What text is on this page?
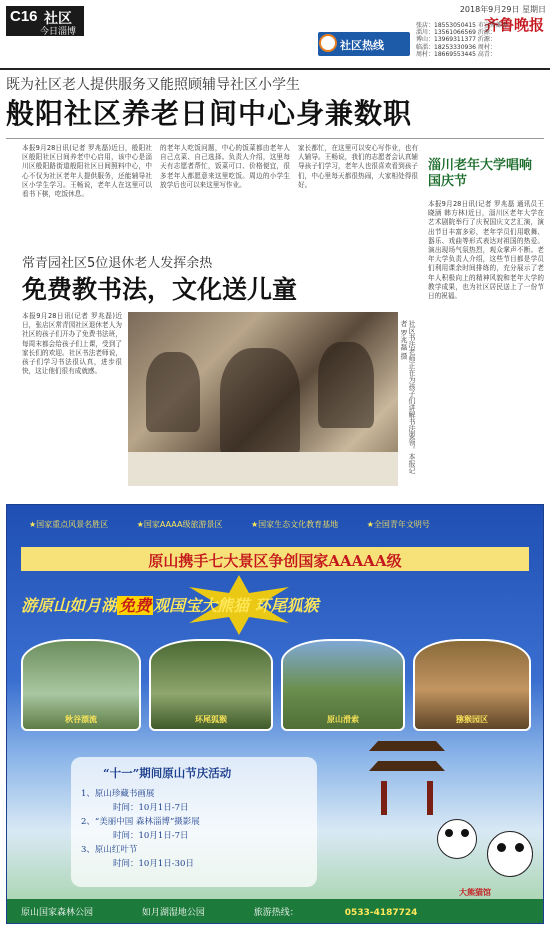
C16 社区
今日淄博
2018年9月29日 星期日
齐鲁晚报
社区热线
张店：18553050415 市宣传部办
淄川：13561066569 沂源：
博山：13969311377 沂源：
临淄：18253330936 周村：
周村：18669553445 高青：
既为社区老人提供服务又能照顾辅导社区小学生
般阳社区养老日间中心身兼数职
本报9月28日讯(记者 罗兆磊)近日，般阳社区般阳社区日间养老中心启用，该中心是淄川区般阳路街道般阳社区日间照料中心，中心不仅为社区老年人提供服务，还能辅导社区小学生学习。王畅说，老年人在这里可以看书下棋，吃饭休息。
的老年人吃饭问题，中心的饭菜都由老年人自己点菜、自己选择。负责人介绍，这里每天有志愿者帮忙，饭菜可口、价格便宜，很多老年人都愿意来这里吃饭。周边的小学生放学后也可以来这里写作业。
家长都忙，在这里可以安心写作业，也有人辅导。王畅说，我们的志愿者会认真辅导孩子们学习，老年人也很喜欢看到孩子们，中心里每天都很热闹，大家相处得很好。
淄川老年大学唱响国庆节
本报9月28日讯(记者 罗兆磊 通讯员王晓涵 韩方林)近日，淄川区老年大学在艺术剧院举行了庆祝国庆文艺汇演，演出节目丰富多彩，老年学员们用歌舞、器乐、戏曲等形式表达对祖国的热爱。演出现场气氛热烈，观众掌声不断。老年大学负责人介绍，这些节目都是学员们利用课余时间排练的，充分展示了老年人积极向上的精神风貌和老年大学的教学成果，也为社区居民送上了一份节日的祝福。
常青园社区5位退休老人发挥余热
免费教书法，文化送儿童
本报9月28日讯(记者 罗兆磊)近日，张店区常青园社区退休老人为社区的孩子们开办了免费书法班，每周末都会给孩子们上课，受到了家长们的欢迎。社区书法老师说，孩子们学习书法很认真，进步很快，这让他们很有成就感。	社区书法老师正在为孩子们讲解书法要领。本报记者 罗兆磊 摄
★国家重点风景名胜区	★国家AAAA级旅游景区	★国家生态文化教育基地	★全国青年文明号
原山携手七大景区争创国家AAAAA级
游原山如月湖 免费 观国宝大熊猫 环尾狐猴
秋谷漂流	环尾狐猴	原山滑索	猕猴园区
“十一”期间原山节庆活动
1、原山珍藏书画展
时间：10月1日-7日
2、“美丽中国 森林淄博”摄影展
时间：10月1日-7日
3、原山红叶节
时间：10月1日-30日
大熊猫馆
原山国家森林公园	如月湖湿地公园	旅游热线：	0533-4187724
